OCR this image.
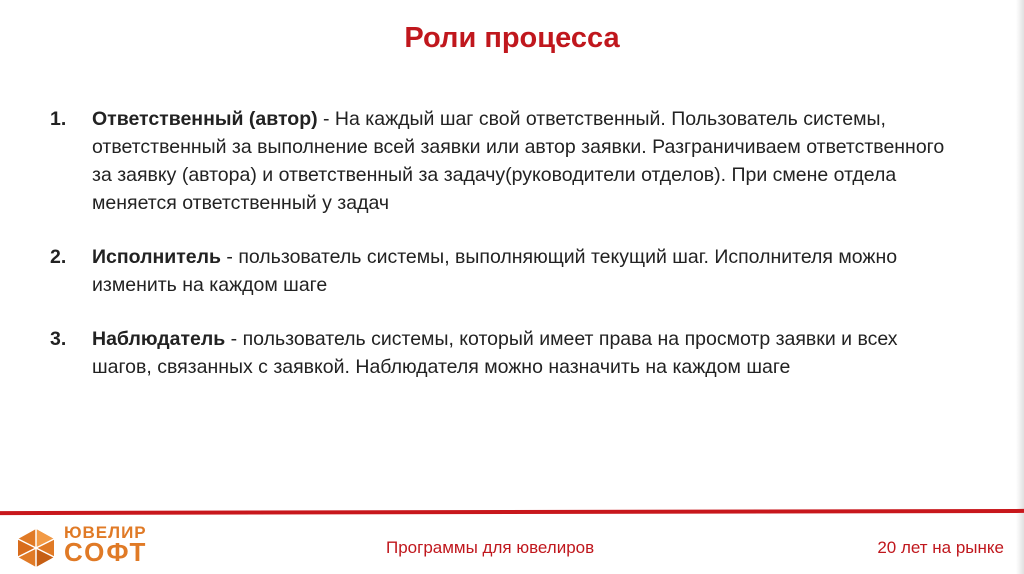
Роли процесса
1.	Ответственный (автор) - На каждый шаг свой ответственный. Пользователь системы, ответственный за выполнение всей заявки или автор заявки. Разграничиваем ответственного за заявку (автора) и ответственный за задачу(руководители отделов). При смене отдела меняется ответственный у задач
2.	Исполнитель - пользователь системы, выполняющий текущий шаг. Исполнителя можно изменить на каждом шаге
3.	Наблюдатель - пользователь системы, который имеет права на просмотр заявки и всех шагов, связанных с заявкой. Наблюдателя можно назначить на каждом шаге
ЮВЕЛИР
СОФТ	Программы для ювелиров	20 лет на рынке
